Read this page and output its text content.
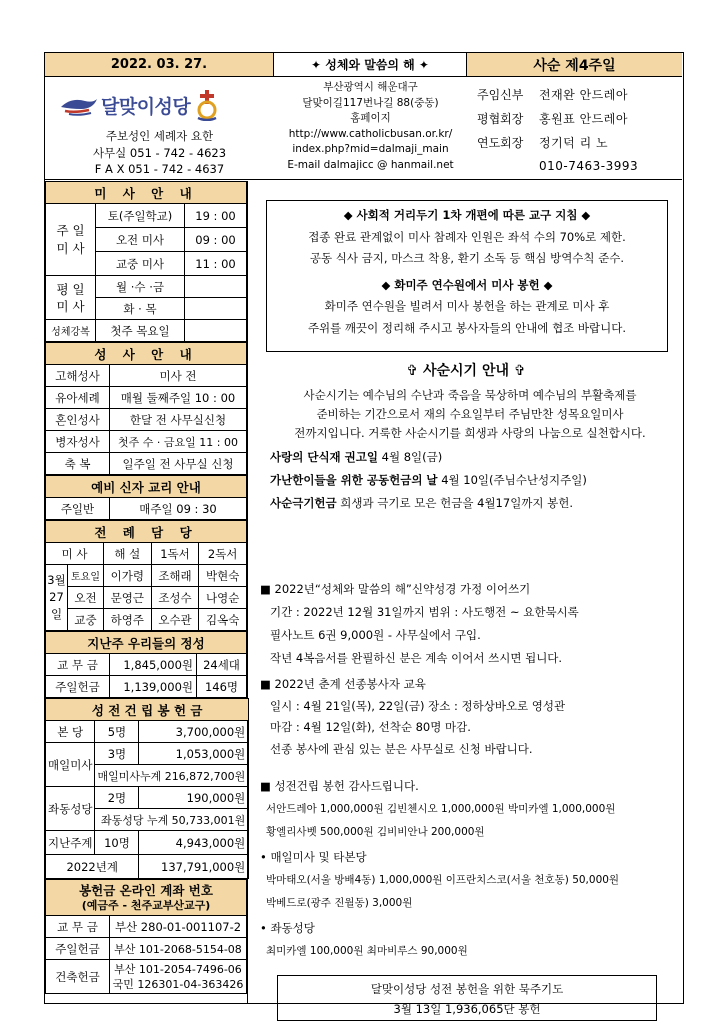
2022. 03. 27.	✦ 성체와 말씀의 해 ✦	사순 제4주일
달맞이성당
주보성인 세례자 요한
사무실 051 - 742 - 4623
F A X 051 - 742 - 4637
부산광역시 해운대구
달맞이길117번나길 88(중동)
홈페이지
http://www.catholicbusan.or.kr/
index.php?mid=dalmaji_main
E-mail dalmajicc @ hanmail.net
주임신부	전재완 안드레아
평협회장	홍원표 안드레아
연도회장	정기덕 리 노
010-7463-3993
미 사 안 내		
주 일
미 사	토(주일학교)	19 : 00
	오전 미사	09 : 00
	교중 미사	11 : 00
평 일
미 사	월 ·수 ·금	
	화 · 목	
성체강복	첫주 목요일	
성 사 안 내	
고해성사	미사 전
유아세례	매월 둘째주일 10 : 00
혼인성사	한달 전 사무실신청
병자성사	첫주 수 · 금요일 11 : 00
축 복	일주일 전 사무실 신청
예비 신자 교리 안내
주일반	매주일 09 : 30
전 례 담 당				
미 사		해 설	1독서	2독서
3월
27일	토요일	이가령	조해래	박현숙
	오전	문영근	조성수	나영순
	교중	하영주	오수관	김옥숙
지난주 우리들의 정성		
교 무 금	1,845,000원	24세대
주일헌금	1,139,000원	146명
성 전 건 립 봉 헌 금		
본 당	5명	3,700,000원
매일미사	3명	1,053,000원
	매일미사누계 216,872,700원	
좌동성당	2명	190,000원
	좌동성당 누계 50,733,001원	
지난주계	10명	4,943,000원
2022년계		137,791,000원
봉헌금 온라인 계좌 번호
(예금주 - 천주교부산교구)	

교 무 금	부산 280-01-001107-2
주일헌금	부산 101-2068-5154-08
건축헌금	부산 101-2054-7496-06
국민 126301-04-363426
◆ 사회적 거리두기 1차 개편에 따른 교구 지침 ◆
접종 완료 관계없이 미사 참례자 인원은 좌석 수의 70%로 제한.
공동 식사 금지, 마스크 착용, 환기 소독 등 핵심 방역수칙 준수.
◆ 화미주 연수원에서 미사 봉헌 ◆
화미주 연수원을 빌려서 미사 봉헌을 하는 관계로 미사 후
주위를 깨끗이 정리해 주시고 봉사자들의 안내에 협조 바랍니다.
✞ 사순시기 안내 ✞
사순시기는 예수님의 수난과 죽음을 묵상하며 예수님의 부활축제를
준비하는 기간으로서 재의 수요일부터 주님만찬 성목요일미사
전까지입니다. 거룩한 사순시기를 희생과 사랑의 나눔으로 실천합시다.
사랑의 단식재 권고일 4월 8일(금)
가난한이들을 위한 공동헌금의 날 4월 10일(주님수난성지주일)
사순극기헌금 희생과 극기로 모은 헌금을 4월17일까지 봉헌.
■ 2022년“성체와 말씀의 해”신약성경 가정 이어쓰기
기간 : 2022년 12월 31일까지 범위 : 사도행전 ~ 요한묵시록
필사노트 6권 9,000원 - 사무실에서 구입.
작년 4복음서를 완필하신 분은 계속 이어서 쓰시면 됩니다.
■ 2022년 춘계 선종봉사자 교육
일시 : 4월 21일(목), 22일(금) 장소 : 정하상바오로 영성관
마감 : 4월 12일(화), 선착순 80명 마감.
선종 봉사에 관심 있는 분은 사무실로 신청 바랍니다.
■ 성전건립 봉헌 감사드립니다.
서안드레아 1,000,000원 김빈첸시오 1,000,000원 박미카엘 1,000,000원
황엘리사벳 500,000원 김비비안나 200,000원
• 매일미사 및 타본당
박마태오(서울 방배4동) 1,000,000원 이프란치스코(서울 천호동) 50,000원
박베드로(광주 진월동) 3,000원
• 좌동성당
최미카엘 100,000원 최마비루스 90,000원
달맞이성당 성전 봉헌을 위한 묵주기도
3월 13일 1,936,065단 봉헌
